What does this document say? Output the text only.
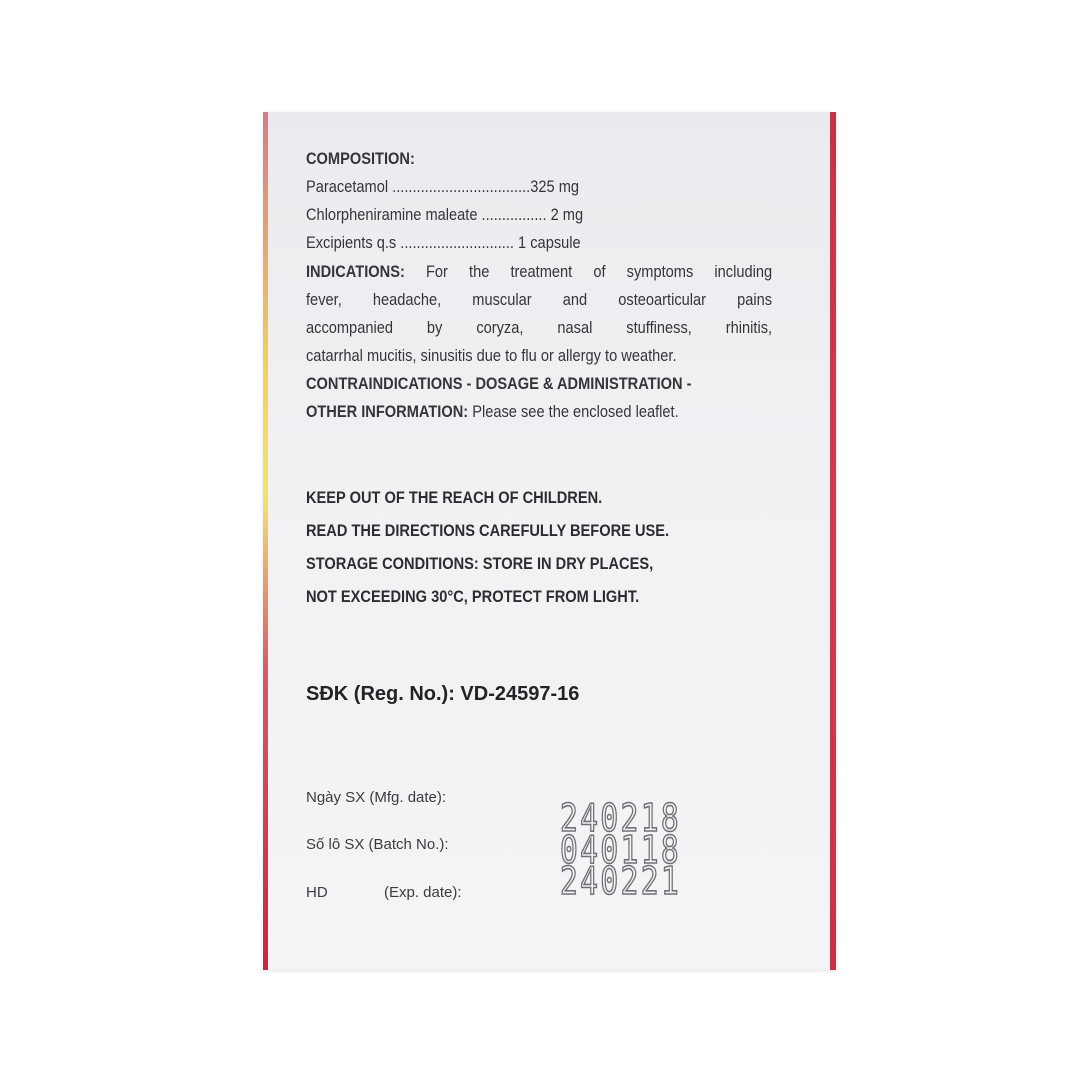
COMPOSITION:
Paracetamol ..................................325 mg
Chlorpheniramine maleate ................ 2 mg
Excipients q.s ............................ 1 capsule
INDICATIONS: For the treatment of symptoms including
fever, headache, muscular and osteoarticular pains
accompanied by coryza, nasal stuffiness, rhinitis,
catarrhal mucitis, sinusitis due to flu or allergy to weather.
CONTRAINDICATIONS - DOSAGE & ADMINISTRATION -
OTHER INFORMATION: Please see the enclosed leaflet.
KEEP OUT OF THE REACH OF CHILDREN.
READ THE DIRECTIONS CAREFULLY BEFORE USE.
STORAGE CONDITIONS: STORE IN DRY PLACES,
NOT EXCEEDING 30°C, PROTECT FROM LIGHT.
SĐK (Reg. No.): VD-24597-16
Ngày SX (Mfg. date):
Số lô SX (Batch No.):
HD	(Exp. date):
240218
040118
240221
